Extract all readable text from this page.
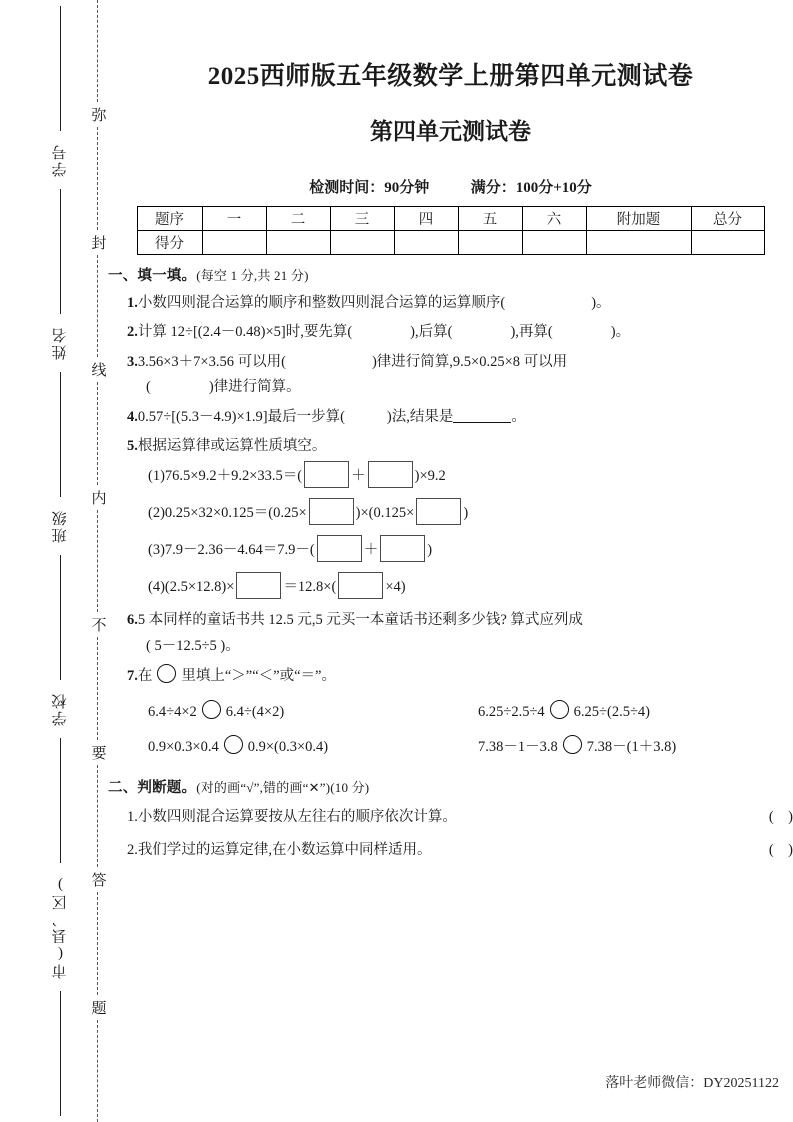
市(县、区)
学校
班级
姓名
学号
弥
封
线
内
不
要
答
题
2025西师版五年级数学上册第四单元测试卷
第四单元测试卷
检测时间：90分钟	满分：100分+10分
题序	一	二	三	四	五	六	附加题	总分
得分								
一、填一填。(每空 1 分,共 21 分)
1.小数四则混合运算的顺序和整数四则混合运算的运算顺序(	)。
2.计算 12÷[(2.4－0.48)×5]时,要先算(	),后算(	),再算(	)。
3.3.56×3＋7×3.56 可以用(	)律进行简算,9.5×0.25×8 可以用
(	)律进行简算。
4.0.57÷[(5.3－4.9)×1.9]最后一步算(	)法,结果是	。
5.根据运算律或运算性质填空。
(1)76.5×9.2＋9.2×33.5＝(	＋	)×9.2
(2)0.25×32×0.125＝(0.25×	)×(0.125×	)
(3)7.9－2.36－4.64＝7.9－(	＋	)
(4)(2.5×12.8)×	＝12.8×(	×4)
6.5 本同样的童话书共 12.5 元,5 元买一本童话书还剩多少钱? 算式应列成
( 5－12.5÷5 )。
7.在 里填上“＞”“＜”或“＝”。
6.4÷4×2 6.4÷(4×2)	6.25÷2.5÷4 6.25÷(2.5÷4)
0.9×0.3×0.4 0.9×(0.3×0.4)	7.38－1－3.8 7.38－(1＋3.8)
二、判断题。(对的画“√”,错的画“✕”)(10 分)
1.小数四则混合运算要按从左往右的顺序依次计算。	(    )
2.我们学过的运算定律,在小数运算中同样适用。	(    )
落叶老师微信：DY20251122
